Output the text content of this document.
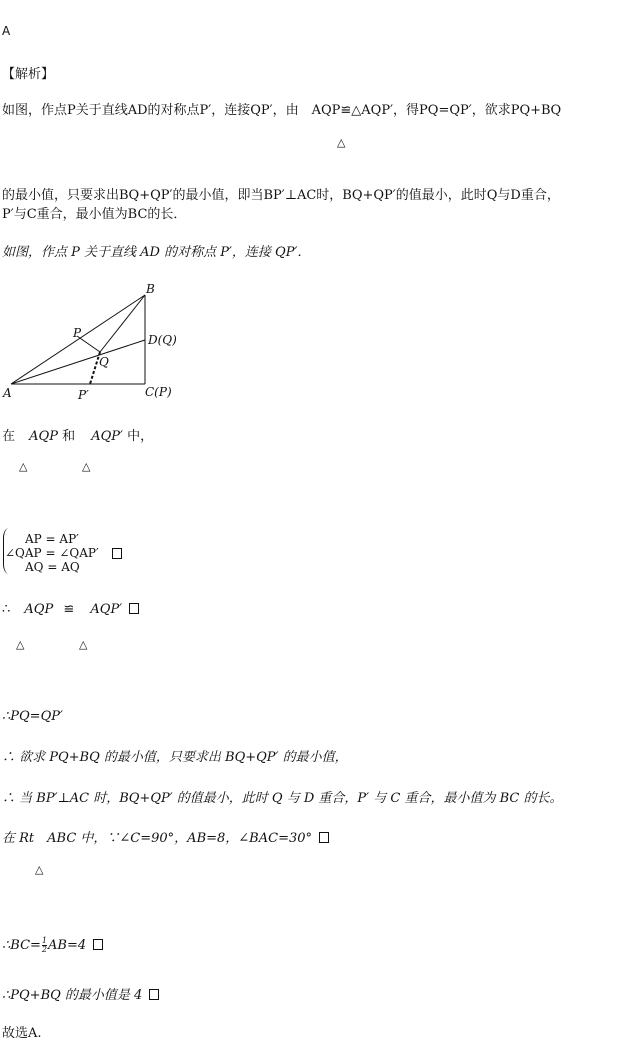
A
【解析】
如图，作点P关于直线AD的对称点P′，连接QP′，由　AQP≌△AQP′，得PQ=QP′，欲求PQ+BQ
△
的最小值，只要求出BQ+QP′的最小值，即当BP′⊥AC时，BQ+QP′的值最小，此时Q与D重合，
P′与C重合，最小值为BC的长．
如图，作点 P 关于直线 AD 的对称点 P′，连接 QP′．
A
B
P
Q
D(Q)
C(P)
P′
在 AQP 和 AQP′ 中，
△	△
AP = AP′
∠QAP = ∠QAP′
AQ = AQ
∴ AQP ≌ AQP′
△	△
∴PQ=QP′
∴ 欲求 PQ+BQ 的最小值，只要求出 BQ+QP′ 的最小值，
∴ 当 BP′⊥AC 时，BQ+QP′ 的值最小，此时 Q 与 D 重合，P′ 与 C 重合，最小值为 BC 的长。
在 Rt　ABC 中，∵∠C=90°，AB=8，∠BAC=30°
△
∴BC= $\frac{1}{2} AB=4$
∴PQ+BQ 的最小值是 4
故选A.
